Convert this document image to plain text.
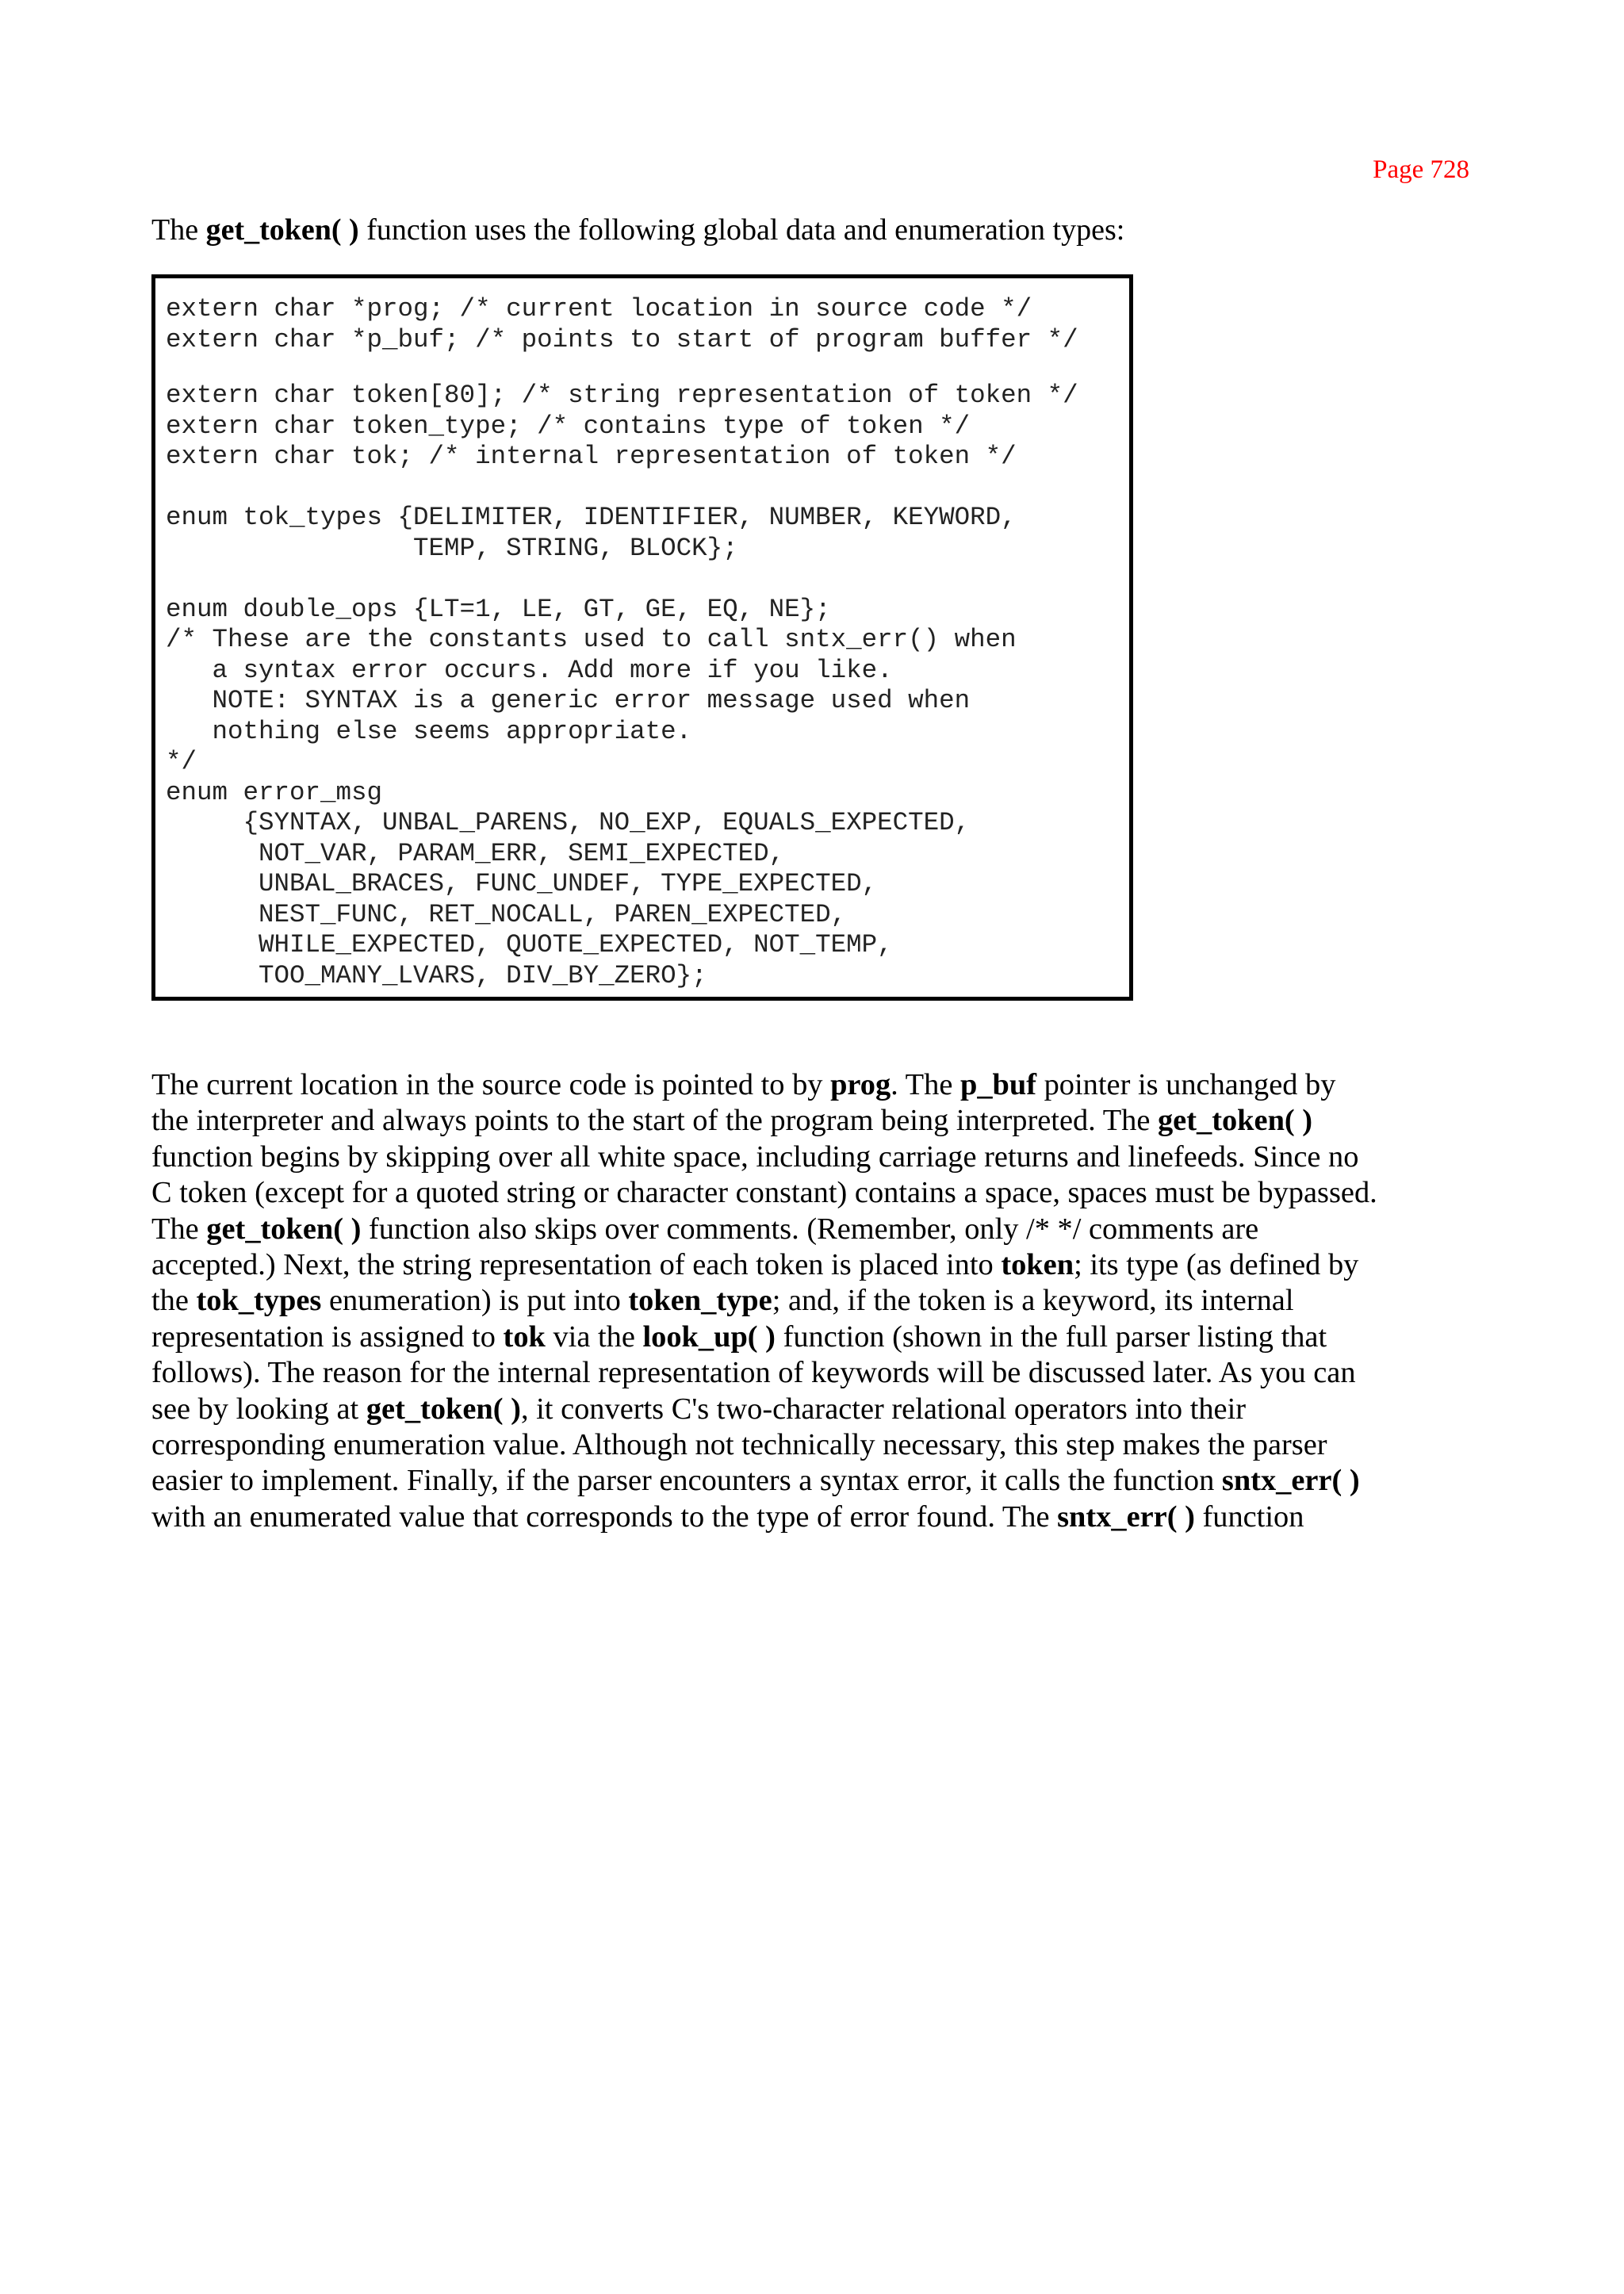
Page 728
The get_token( ) function uses the following global data and enumeration types:
extern char *prog; /* current location in source code */
extern char *p_buf; /* points to start of program buffer */
extern char token[80]; /* string representation of token */
extern char token_type; /* contains type of token */
extern char tok; /* internal representation of token */
enum tok_types {DELIMITER, IDENTIFIER, NUMBER, KEYWORD,
TEMP, STRING, BLOCK};
enum double_ops {LT=1, LE, GT, GE, EQ, NE};
/* These are the constants used to call sntx_err() when
a syntax error occurs. Add more if you like.
NOTE: SYNTAX is a generic error message used when
nothing else seems appropriate.
*/
enum error_msg
{SYNTAX, UNBAL_PARENS, NO_EXP, EQUALS_EXPECTED,
NOT_VAR, PARAM_ERR, SEMI_EXPECTED,
UNBAL_BRACES, FUNC_UNDEF, TYPE_EXPECTED,
NEST_FUNC, RET_NOCALL, PAREN_EXPECTED,
WHILE_EXPECTED, QUOTE_EXPECTED, NOT_TEMP,
TOO_MANY_LVARS, DIV_BY_ZERO};
The current location in the source code is pointed to by prog. The p_buf pointer is unchanged by
the interpreter and always points to the start of the program being interpreted. The get_token( )
function begins by skipping over all white space, including carriage returns and linefeeds. Since no
C token (except for a quoted string or character constant) contains a space, spaces must be bypassed.
The get_token( ) function also skips over comments. (Remember, only /* */ comments are
accepted.) Next, the string representation of each token is placed into token; its type (as defined by
the tok_types enumeration) is put into token_type; and, if the token is a keyword, its internal
representation is assigned to tok via the look_up( ) function (shown in the full parser listing that
follows). The reason for the internal representation of keywords will be discussed later. As you can
see by looking at get_token( ), it converts C's two-character relational operators into their
corresponding enumeration value. Although not technically necessary, this step makes the parser
easier to implement. Finally, if the parser encounters a syntax error, it calls the function sntx_err( )
with an enumerated value that corresponds to the type of error found. The sntx_err( ) function
